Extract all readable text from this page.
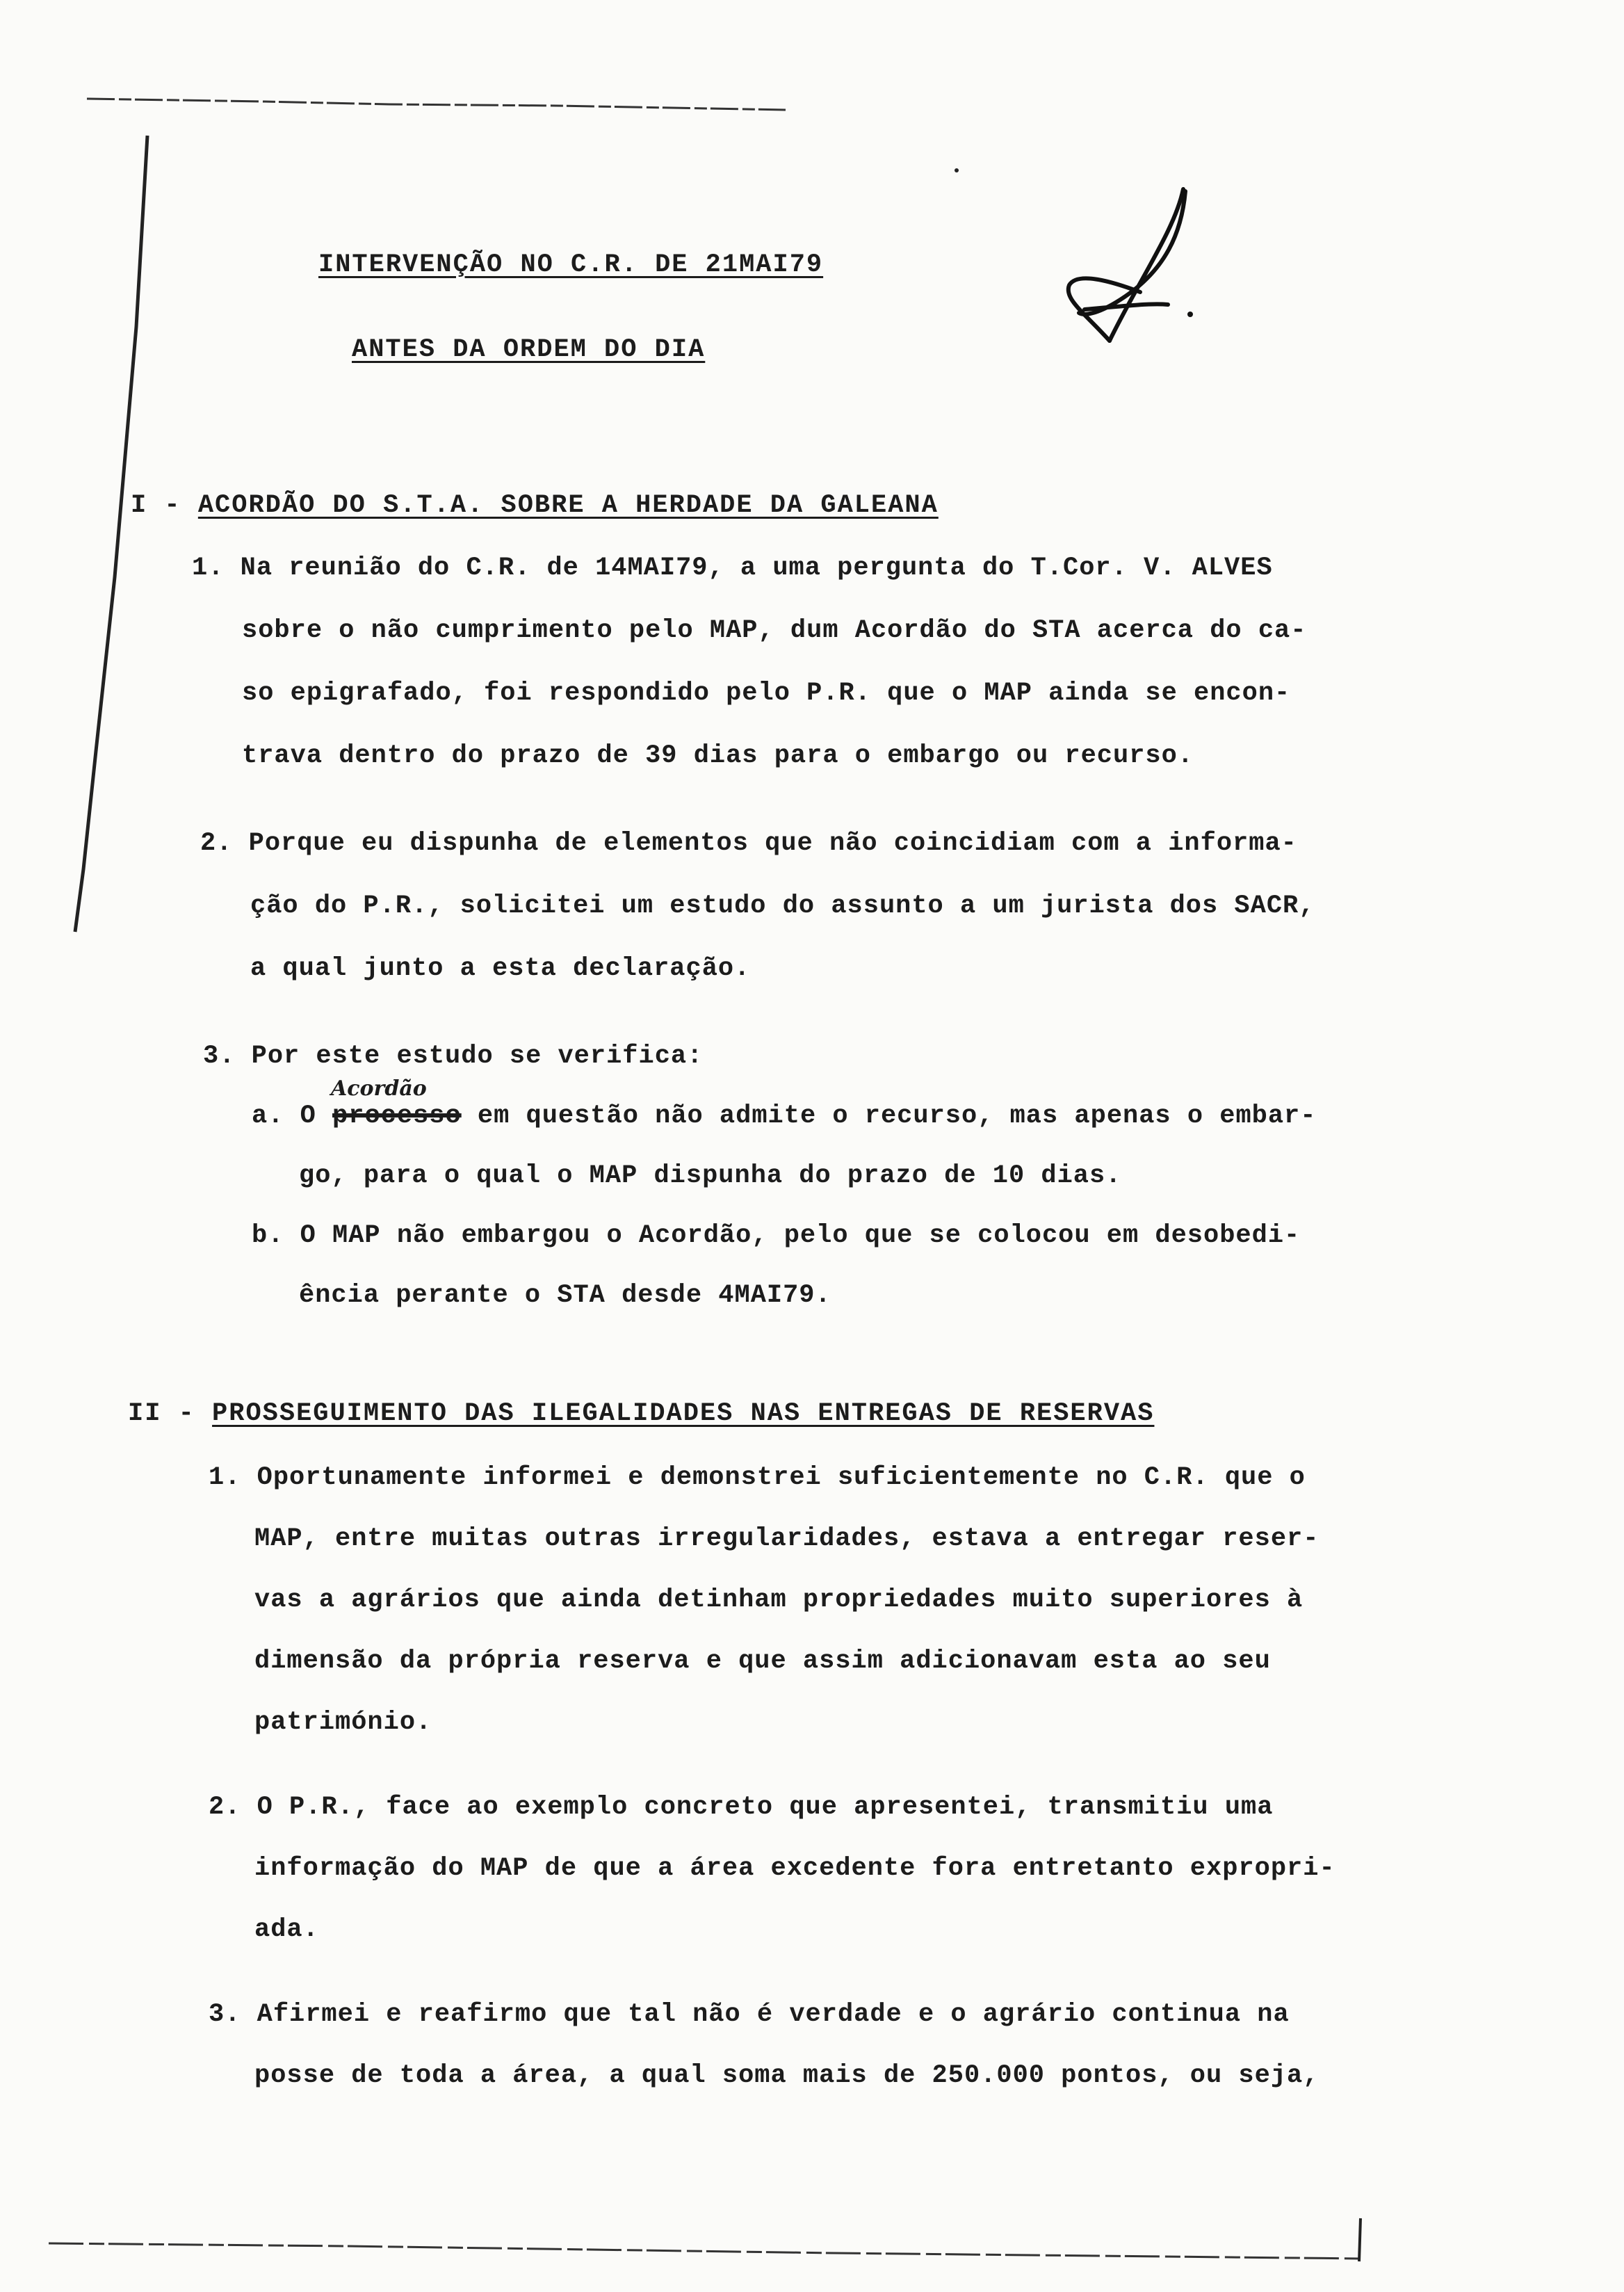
INTERVENÇÃO NO C.R. DE 21MAI79
ANTES DA ORDEM DO DIA
I - ACORDÃO DO S.T.A. SOBRE A HERDADE DA GALEANA
1. Na reunião do C.R. de 14MAI79, a uma pergunta do T.Cor. V. ALVES
sobre o não cumprimento pelo MAP, dum Acordão do STA acerca do ca-
so epigrafado, foi respondido pelo P.R. que o MAP ainda se encon-
trava dentro do prazo de 39 dias para o embargo ou recurso.
2. Porque eu dispunha de elementos que não coincidiam com a informa-
ção do P.R., solicitei um estudo do assunto a um jurista dos SACR,
a qual junto a esta declaração.
3. Por este estudo se verifica:
Acordão
a. O processo em questão não admite o recurso, mas apenas o embar-
go, para o qual o MAP dispunha do prazo de 10 dias.
b. O MAP não embargou o Acordão, pelo que se colocou em desobedi-
ência perante o STA desde 4MAI79.
II - PROSSEGUIMENTO DAS ILEGALIDADES NAS ENTREGAS DE RESERVAS
1. Oportunamente informei e demonstrei suficientemente no C.R. que o
MAP, entre muitas outras irregularidades, estava a entregar reser-
vas a agrários que ainda detinham propriedades muito superiores à
dimensão da própria reserva e que assim adicionavam esta ao seu
património.
2. O P.R., face ao exemplo concreto que apresentei, transmitiu uma
informação do MAP de que a área excedente fora entretanto expropri-
ada.
3. Afirmei e reafirmo que tal não é verdade e o agrário continua na
posse de toda a área, a qual soma mais de 250.000 pontos, ou seja,
